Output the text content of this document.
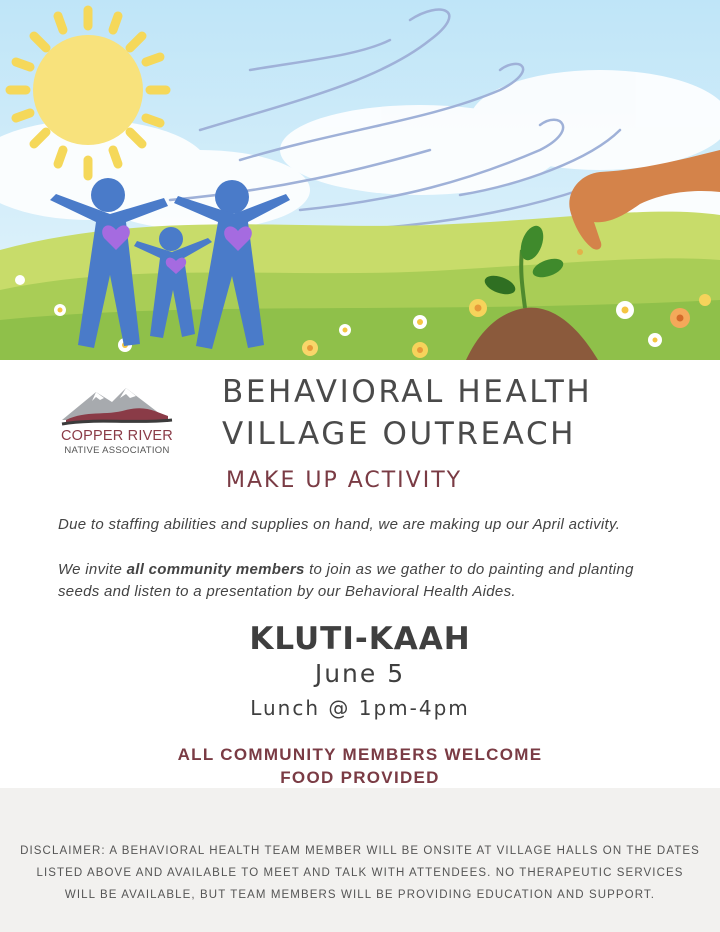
COPPER RIVER
NATIVE ASSOCIATION
BEHAVIORAL HEALTH
VILLAGE OUTREACH
MAKE UP ACTIVITY
Due to staffing abilities and supplies on hand, we are making up our April activity.
We invite all community members to join as we gather to do painting and planting seeds and listen to a presentation by our Behavioral Health Aides.
KLUTI-KAAH
June 5
Lunch @ 1pm-4pm
ALL COMMUNITY MEMBERS WELCOME
FOOD PROVIDED
DISCLAIMER: A BEHAVIORAL HEALTH TEAM MEMBER WILL BE ONSITE AT VILLAGE HALLS ON THE DATES LISTED ABOVE AND AVAILABLE TO MEET AND TALK WITH ATTENDEES. NO THERAPEUTIC SERVICES WILL BE AVAILABLE, BUT TEAM MEMBERS WILL BE PROVIDING EDUCATION AND SUPPORT.
